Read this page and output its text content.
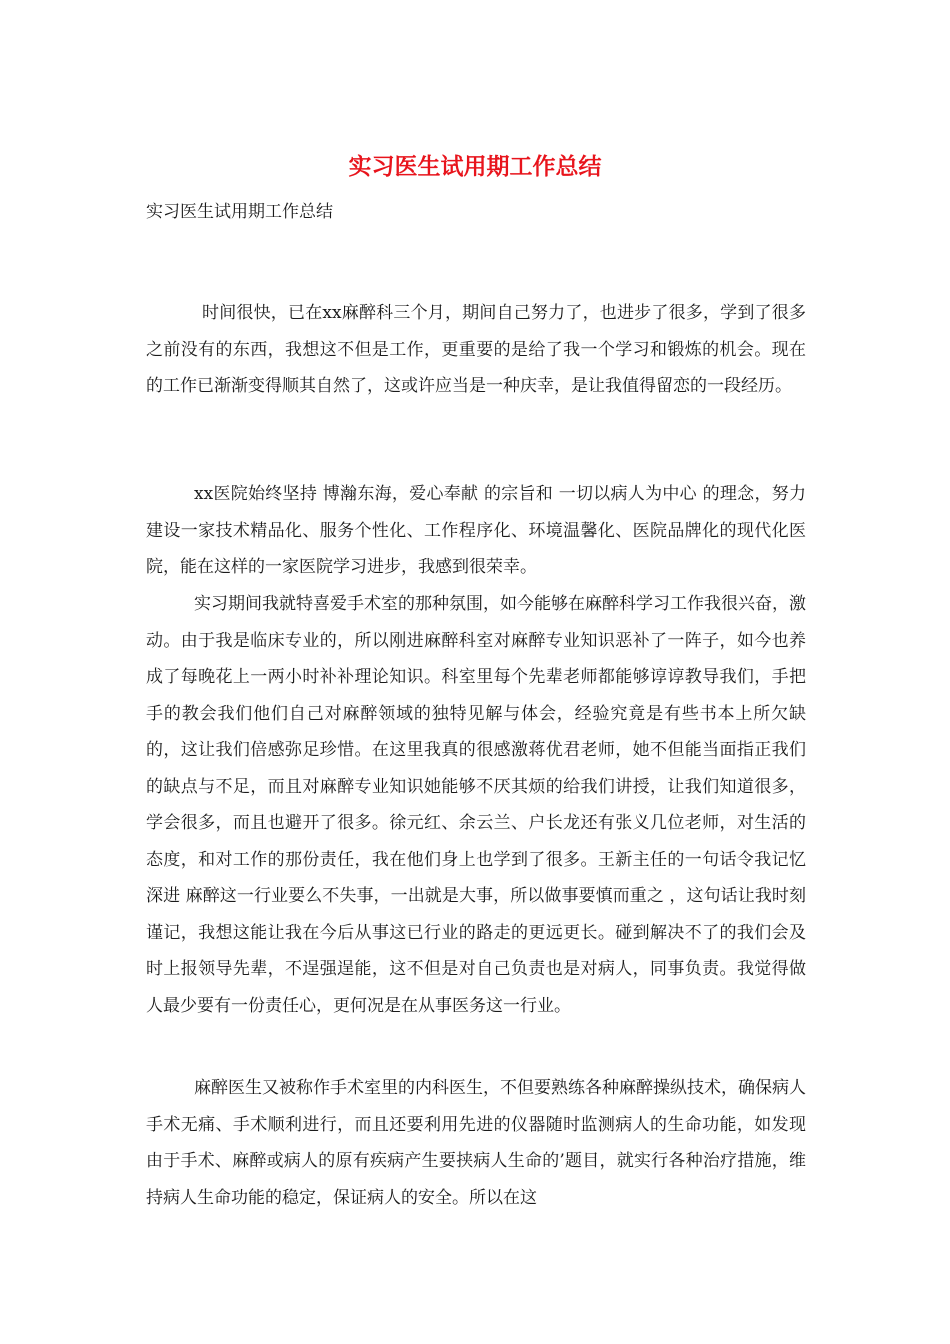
实习医生试用期工作总结

实习医生试用期工作总结

时间很快，已在xx麻醉科三个月，期间自己努力了，也进步了很多，学到了很多之前没有的东西，我想这不但是工作，更重要的是给了我一个学习和锻炼的机会。现在的工作已渐渐变得顺其自然了，这或许应当是一种庆幸，是让我值得留恋的一段经历。

xx医院始终坚持 博瀚东海，爱心奉献 的宗旨和 一切以病人为中心 的理念，努力建设一家技术精品化、服务个性化、工作程序化、环境温馨化、医院品牌化的现代化医院，能在这样的一家医院学习进步，我感到很荣幸。

实习期间我就特喜爱手术室的那种氛围，如今能够在麻醉科学习工作我很兴奋，激动。由于我是临床专业的，所以刚进麻醉科室对麻醉专业知识恶补了一阵子，如今也养成了每晚花上一两小时补补理论知识。科室里每个先辈老师都能够谆谆教导我们，手把手的教会我们他们自己对麻醉领域的独特见解与体会，经验究竟是有些书本上所欠缺的，这让我们倍感弥足珍惜。在这里我真的很感激蒋优君老师，她不但能当面指正我们的缺点与不足，而且对麻醉专业知识她能够不厌其烦的给我们讲授，让我们知道很多，学会很多，而且也避开了很多。徐元红、余云兰、户长龙还有张义几位老师，对生活的态度，和对工作的那份责任，我在他们身上也学到了很多。王新主任的一句话令我记忆深进 麻醉这一行业要么不失事，一出就是大事，所以做事要慎而重之 ，这句话让我时刻谨记，我想这能让我在今后从事这已行业的路走的更远更长。碰到解决不了的我们会及时上报领导先辈，不逞强逞能，这不但是对自己负责也是对病人，同事负责。我觉得做人最少要有一份责任心，更何况是在从事医务这一行业。

麻醉医生又被称作手术室里的内科医生，不但要熟练各种麻醉操纵技术，确保病人手术无痛、手术顺利进行，而且还要利用先进的仪器随时监测病人的生命功能，如发现由于手术、麻醉或病人的原有疾病产生要挟病人生命的’题目，就实行各种治疗措施，维持病人生命功能的稳定，保证病人的安全。所以在这
